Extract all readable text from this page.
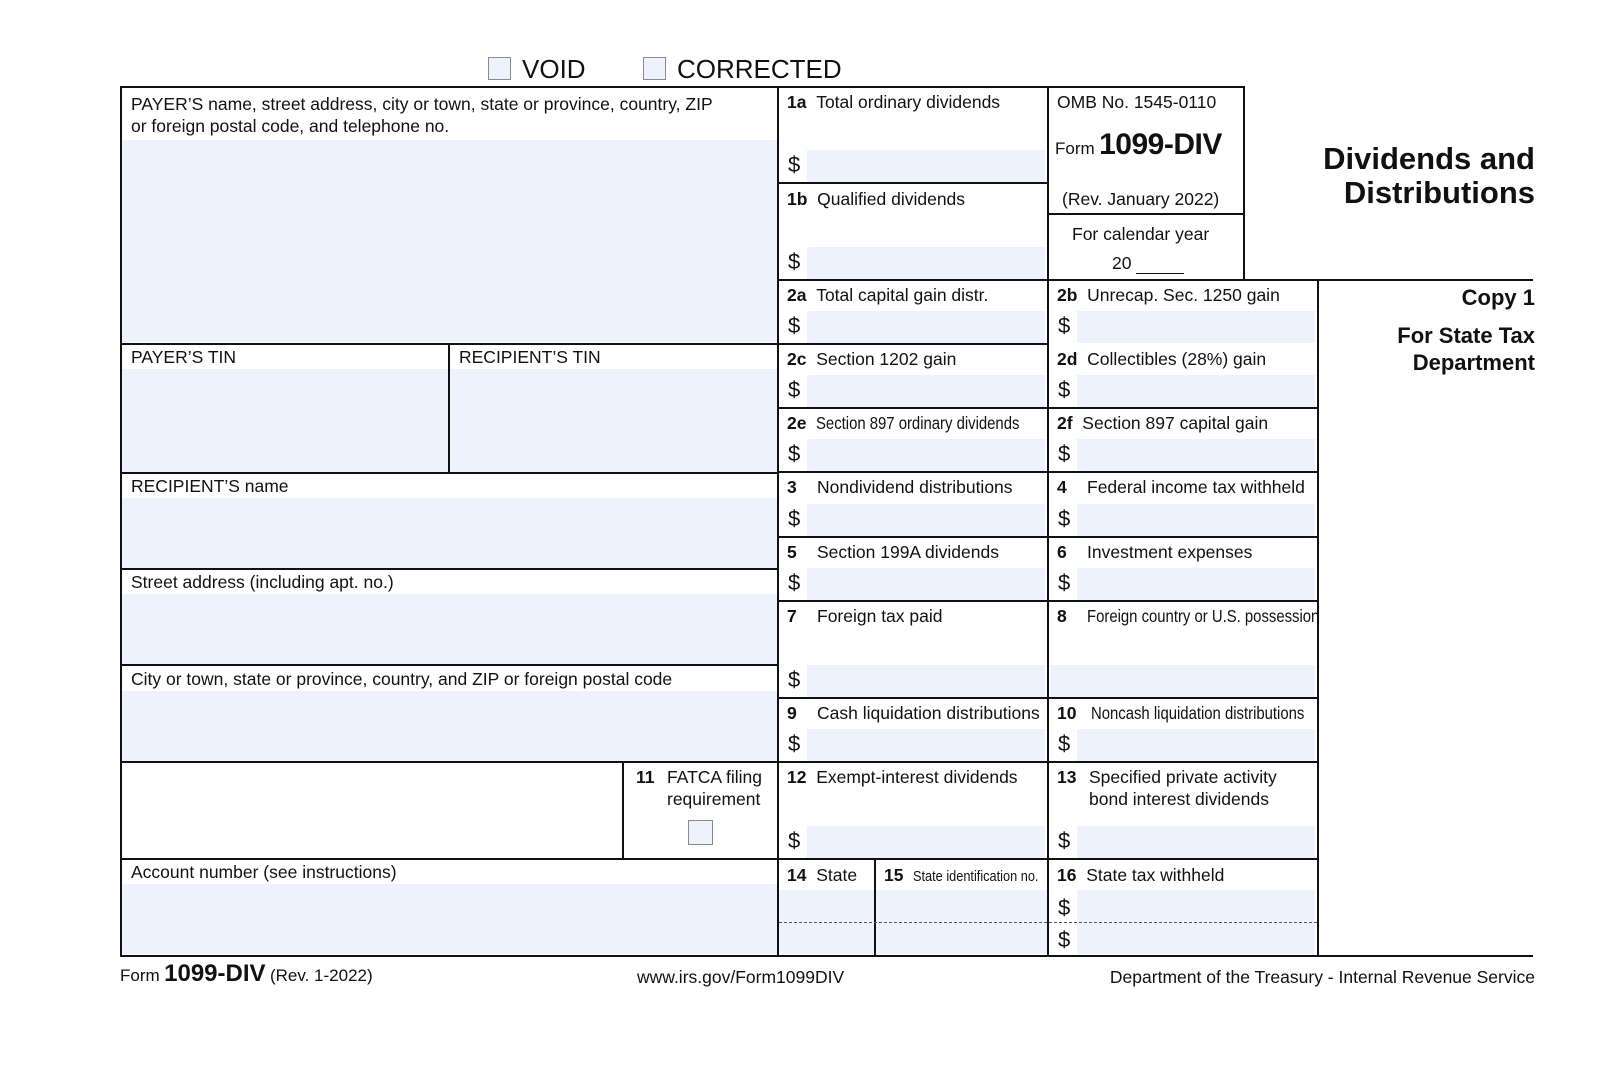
VOID	CORRECTED
PAYER’S name, street address, city or town, state or province, country, ZIP
or foreign postal code, and telephone no.
PAYER’S TIN	RECIPIENT’S TIN
RECIPIENT’S name
Street address (including apt. no.)
City or town, state or province, country, and ZIP or foreign postal code
Account number (see instructions)
11 FATCA filing
requirement
1a Total ordinary dividends
$
1b Qualified dividends
$
2a Total capital gain distr.
$
2b Unrecap. Sec. 1250 gain
$
2c Section 1202 gain
$
2d Collectibles (28%) gain
$
2e Section 897 ordinary dividends
$
2f Section 897 capital gain
$
3 Nondividend distributions
$
4 Federal income tax withheld
$
5 Section 199A dividends
$
6 Investment expenses
$
7 Foreign tax paid
$
8 Foreign country or U.S. possession
9 Cash liquidation distributions
$
10 Noncash liquidation distributions
$
12 Exempt-interest dividends
$
13 Specified private activity
bond interest dividends
$
14 State 15 State identification no.	16 State tax withheld
$
$
OMB No. 1545-0110
Form 1099-DIV
(Rev. January 2022)
For calendar year
20
Dividends and
Distributions
Copy 1
For State Tax
Department
Form 1099-DIV (Rev. 1-2022)	www.irs.gov/Form1099DIV	Department of the Treasury - Internal Revenue Service
